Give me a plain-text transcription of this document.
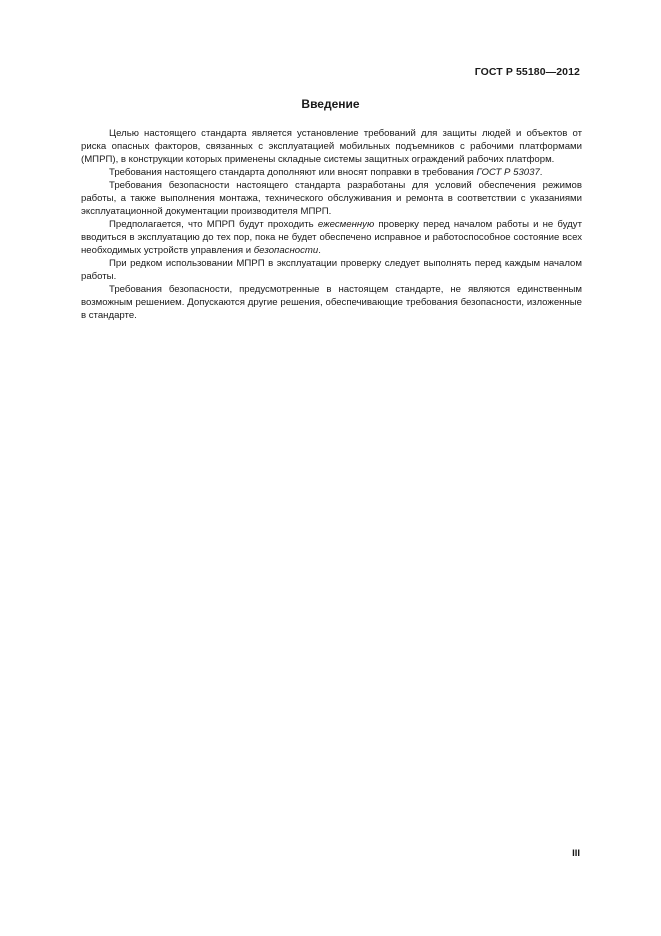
ГОСТ Р 55180—2012
Введение

Целью настоящего стандарта является установление требований для защиты людей и объектов от риска опасных факторов, связанных с эксплуатацией мобильных подъемников с рабочими платформами (МПРП), в конструкции которых применены складные системы защитных ограждений рабочих платформ.

Требования настоящего стандарта дополняют или вносят поправки в требования ГОСТ Р 53037.

Требования безопасности настоящего стандарта разработаны для условий обеспечения режимов работы, а также выполнения монтажа, технического обслуживания и ремонта в соответствии с указаниями эксплуатационной документации производителя МПРП.

Предполагается, что МПРП будут проходить ежесменную проверку перед началом работы и не будут вводиться в эксплуатацию до тех пор, пока не будет обеспечено исправное и работоспособное состояние всех необходимых устройств управления и безопасности.

При редком использовании МПРП в эксплуатации проверку следует выполнять перед каждым началом работы.

Требования безопасности, предусмотренные в настоящем стандарте, не являются единственным возможным решением. Допускаются другие решения, обеспечивающие требования безопасности, изложенные в стандарте.

III
